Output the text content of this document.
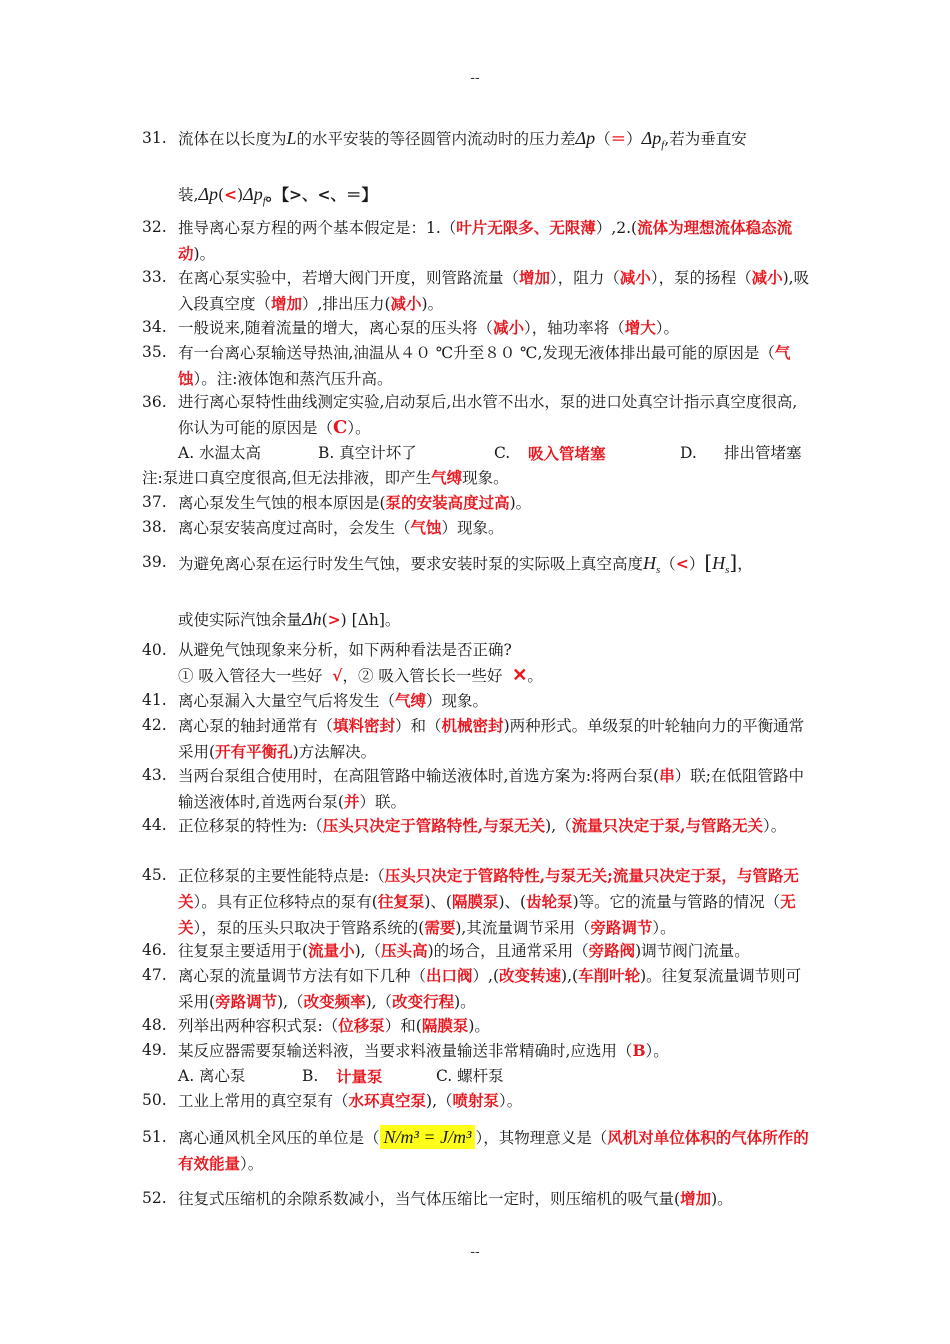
--
31. 流体在以长度为L的水平安装的等径圆管内流动时的压力差$\Delta p(=)\Delta p_f$,若为垂直安
装$,\Delta p(<)\Delta p_f$。【>、<、＝】
32. 推导离心泵方程的两个基本假定是：1.（叶片无限多、无限薄）,2.(流体为理想流体稳态流动)。
33. 在离心泵实验中，若增大阀门开度，则管路流量（增加），阻力（减小），泵的扬程（减小),吸入段真空度（增加）,排出压力(减小)。
34. 一般说来,随着流量的增大，离心泵的压头将（减小），轴功率将（增大）。
35. 有一台离心泵输送导热油,油温从４０ ℃升至８０ ℃,发现无液体排出最可能的原因是（气蚀）。注:液体饱和蒸汽压升高。
36. 进行离心泵特性曲线测定实验,启动泵后,出水管不出水，泵的进口处真空计指示真空度很高,你认为可能的原因是（C）。
A. 水温太高	B. 真空计坏了	C. 吸入管堵塞	D. 排出管堵塞
注:泵进口真空度很高,但无法排液，即产生气缚现象。
37. 离心泵发生气蚀的根本原因是(泵的安装高度过高)。
38. 离心泵安装高度过高时，会发生（气蚀）现象。
39. 为避免离心泵在运行时发生气蚀，要求安装时泵的实际吸上真空高度$H_s(<)[H_s]$，
或使实际汽蚀余量Δh(>) [Δh]。
40. 从避免气蚀现象来分析，如下两种看法是否正确?
① 吸入管径大一些好 √，② 吸入管长长一些好 ✕。
41. 离心泵漏入大量空气后将发生（气缚）现象。
42. 离心泵的轴封通常有（填料密封）和（机械密封)两种形式。单级泵的叶轮轴向力的平衡通常采用(开有平衡孔)方法解决。
43. 当两台泵组合使用时，在高阻管路中输送液体时,首选方案为:将两台泵(串）联;在低阻管路中输送液体时,首选两台泵(并）联。
44. 正位移泵的特性为:（压头只决定于管路特性,与泵无关),（流量只决定于泵,与管路无关）。
45. 正位移泵的主要性能特点是:（压头只决定于管路特性,与泵无关;流量只决定于泵，与管路无关）。具有正位移特点的泵有(往复泵)、(隔膜泵)、(齿轮泵)等。它的流量与管路的情况（无关），泵的压头只取决于管路系统的(需要),其流量调节采用（旁路调节）。
46. 往复泵主要适用于(流量小),（压头高)的场合，且通常采用（旁路阀)调节阀门流量。
47. 离心泵的流量调节方法有如下几种（出口阀）,(改变转速),(车削叶轮)。往复泵流量调节则可采用(旁路调节),（改变频率),（改变行程)。
48. 列举出两种容积式泵:（位移泵）和(隔膜泵)。
49. 某反应器需要泵输送料液，当要求料液量输送非常精确时,应选用（B）。
A. 离心泵	B. 计量泵	C. 螺杆泵
50. 工业上常用的真空泵有（水环真空泵),（喷射泵）。
51. 离心通风机全风压的单位是（ N/m³ = J/m³ ），其物理意义是（风机对单位体积的气体所作的有效能量）。
52. 往复式压缩机的余隙系数减小，当气体压缩比一定时，则压缩机的吸气量(增加)。
--
